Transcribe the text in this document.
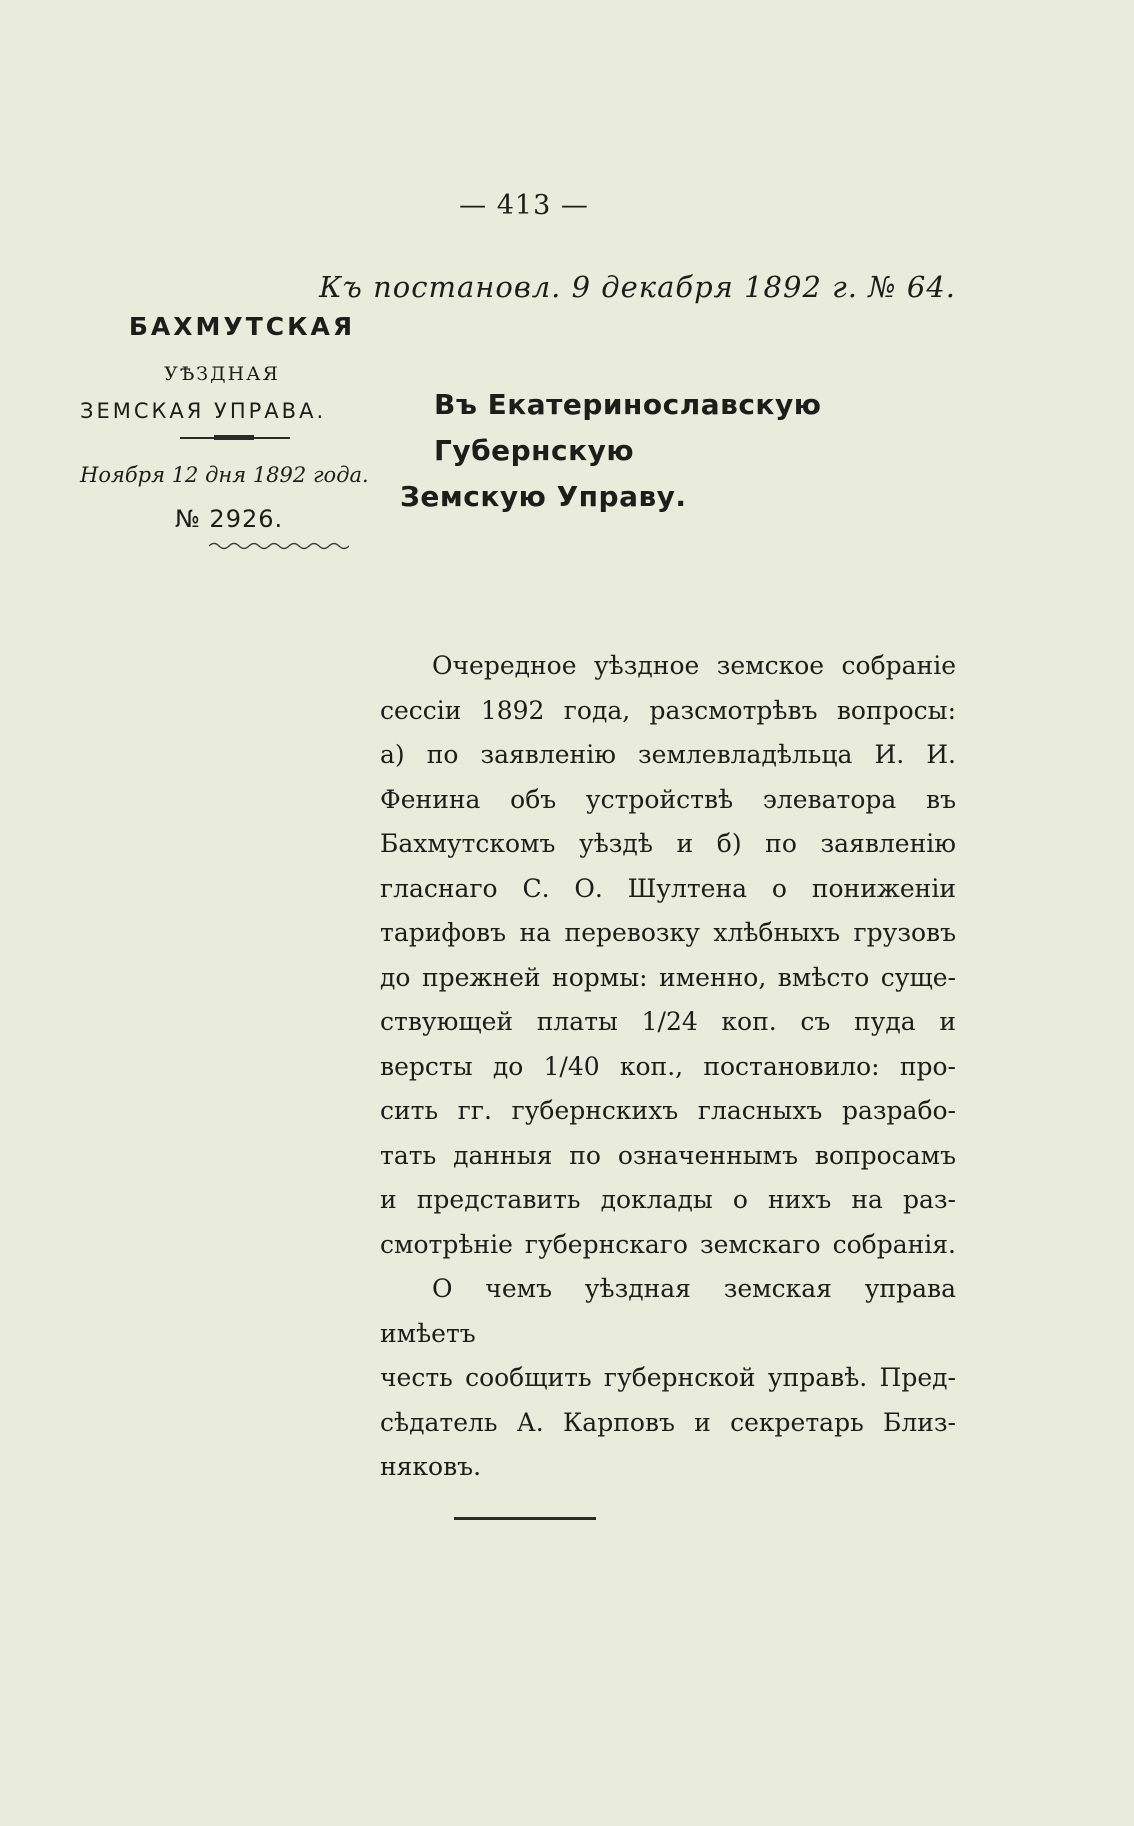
— 413 —
Къ постановл. 9 декабря 1892 г. № 64.
БАХМУТСКАЯ
УѢЗДНАЯ
ЗЕМСКАЯ УПРАВА.
Ноября 12 дня 1892 года.
№ 2926.
Въ Екатеринославскую Губернскую
Земскую Управу.

Очередное уѣздное земское собраніе

сессіи 1892 года, разсмотрѣвъ вопросы:

а) по заявленію землевладѣльца И. И.

Фенина объ устройствѣ элеватора въ

Бахмутскомъ уѣздѣ и б) по заявленію

гласнаго С. О. Шултена о пониженіи

тарифовъ на перевозку хлѣбныхъ грузовъ

до прежней нормы: именно, вмѣсто суще-

ствующей платы 1/24 коп. съ пуда и

версты до 1/40 коп., постановило: про-

сить гг. губернскихъ гласныхъ разрабо-

тать данныя по означеннымъ вопросамъ

и представить доклады о нихъ на раз-

смотрѣніе губернскаго земскаго собранія.

О чемъ уѣздная земская управа имѣетъ

честь сообщить губернской управѣ. Пред-

сѣдатель А. Карповъ и секретарь Близ-

няковъ.
